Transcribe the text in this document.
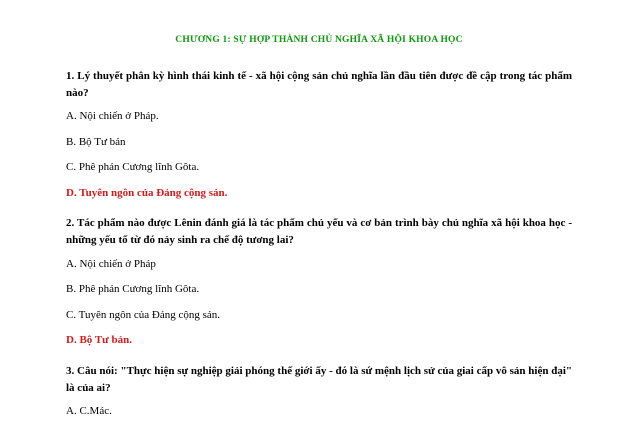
CHƯƠNG 1: SỰ HỢP THÀNH CHỦ NGHĨA XÃ HỘI KHOA HỌC

1. Lý thuyết phân kỳ hình thái kinh tế - xã hội cộng sản chủ nghĩa lần đầu tiên được đề cập trong tác phẩm nào?

A. Nội chiến ở Pháp.

B. Bộ Tư bản

C. Phê phán Cương lĩnh Gôta.

D. Tuyên ngôn của Đảng cộng sản.

2. Tác phẩm nào được Lênin đánh giá là tác phẩm chủ yếu và cơ bản trình bày chủ nghĩa xã hội khoa học - những yếu tố từ đó nảy sinh ra chế độ tương lai?

A. Nội chiến ở Pháp

B. Phê phán Cương lĩnh Gôta.

C. Tuyên ngôn của Đảng cộng sản.

D. Bộ Tư bản.

3. Câu nói: "Thực hiện sự nghiệp giải phóng thế giới ấy - đó là sứ mệnh lịch sử của giai cấp vô sản hiện đại" là của ai?

A. C.Mác.
